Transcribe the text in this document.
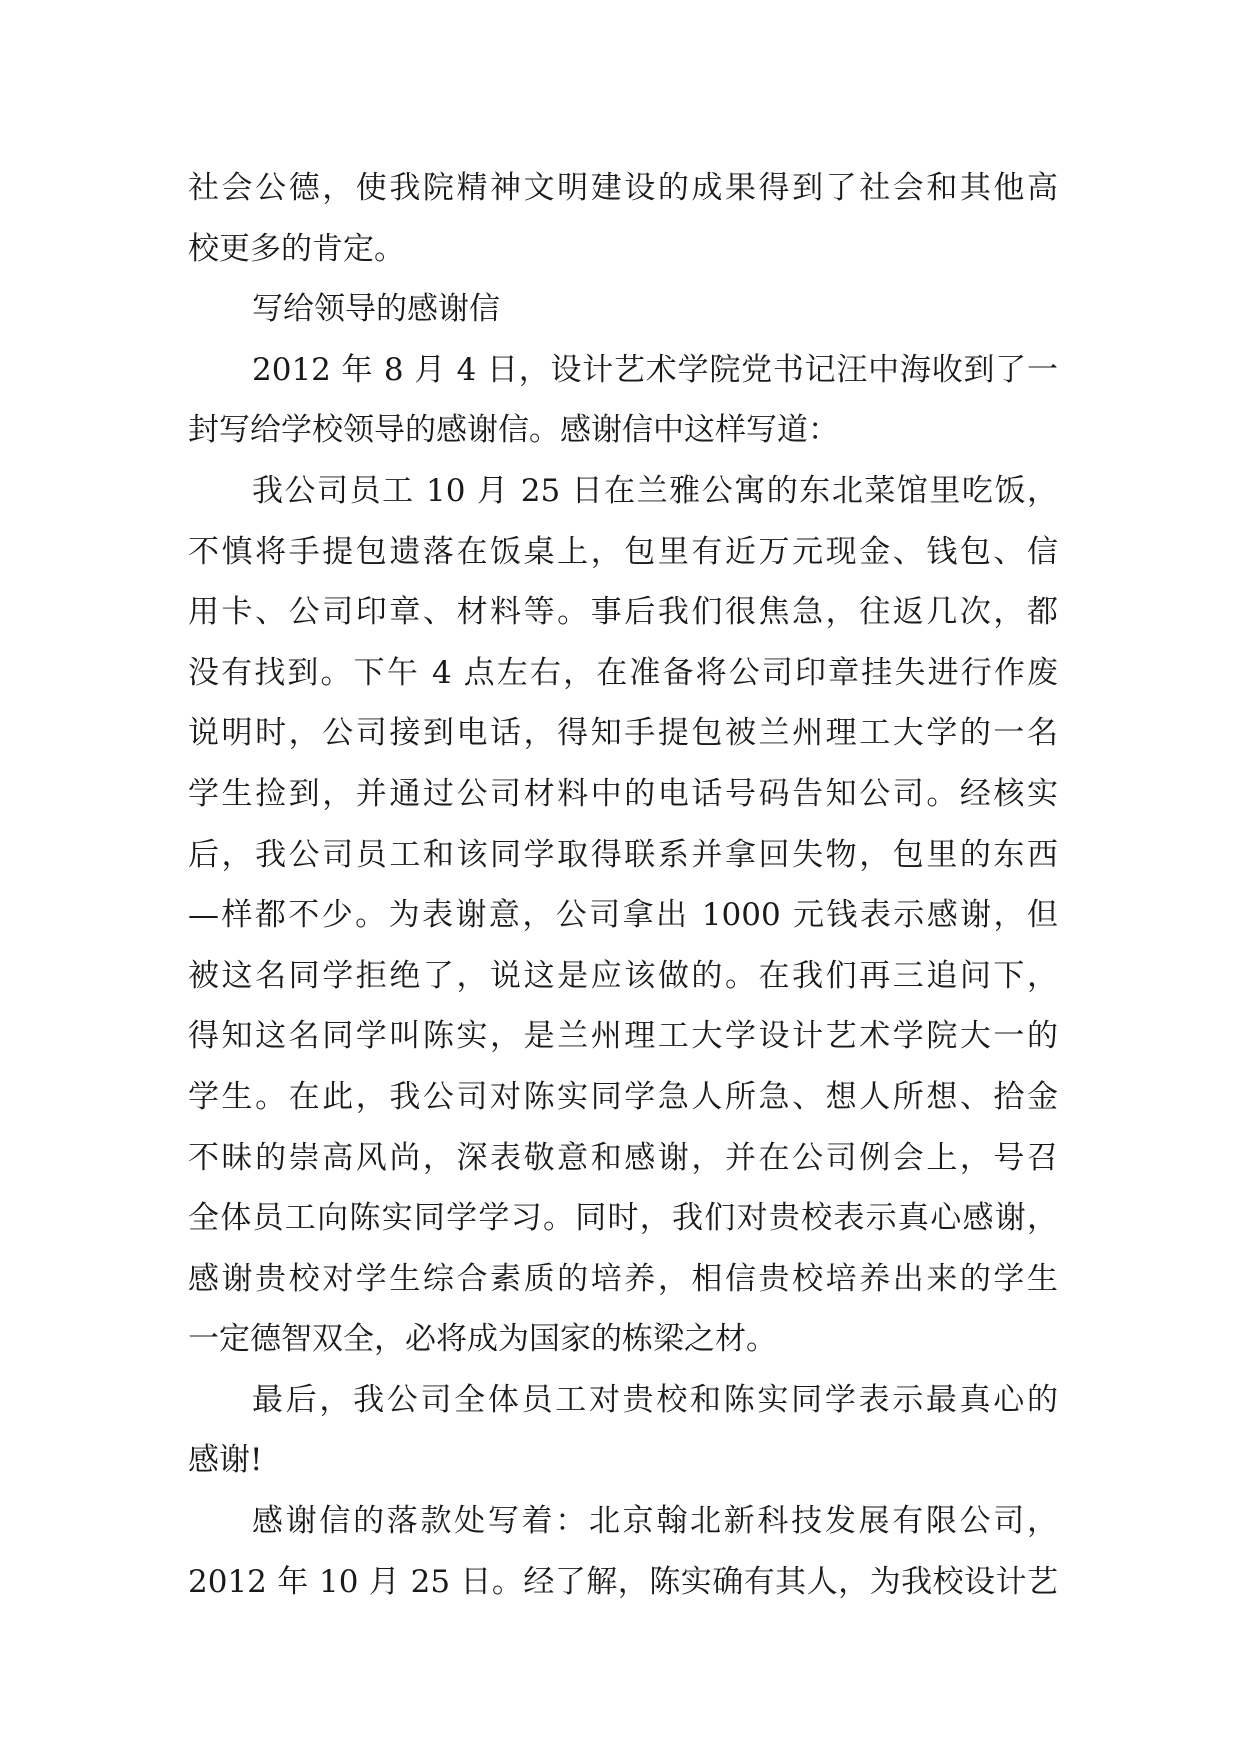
社会公德，使我院精神文明建设的成果得到了社会和其他高
校更多的肯定。
写给领导的感谢信
2012 年 8 月 4 日，设计艺术学院党书记汪中海收到了一
封写给学校领导的感谢信。感谢信中这样写道：
我公司员工 10 月 25 日在兰雅公寓的东北菜馆里吃饭，
不慎将手提包遗落在饭桌上，包里有近万元现金、钱包、信
用卡、公司印章、材料等。事后我们很焦急，往返几次，都
没有找到。下午 4 点左右，在准备将公司印章挂失进行作废
说明时，公司接到电话，得知手提包被兰州理工大学的一名
学生捡到，并通过公司材料中的电话号码告知公司。经核实
后，我公司员工和该同学取得联系并拿回失物，包里的东西
—样都不少。为表谢意，公司拿出 1000 元钱表示感谢，但
被这名同学拒绝了，说这是应该做的。在我们再三追问下，
得知这名同学叫陈实，是兰州理工大学设计艺术学院大一的
学生。在此，我公司对陈实同学急人所急、想人所想、拾金
不昧的崇高风尚，深表敬意和感谢，并在公司例会上，号召
全体员工向陈实同学学习。同时，我们对贵校表示真心感谢，
感谢贵校对学生综合素质的培养，相信贵校培养出来的学生
一定德智双全，必将成为国家的栋梁之材。
最后，我公司全体员工对贵校和陈实同学表示最真心的
感谢!
感谢信的落款处写着：北京翰北新科技发展有限公司，
2012 年 10 月 25 日。经了解，陈实确有其人，为我校设计艺
